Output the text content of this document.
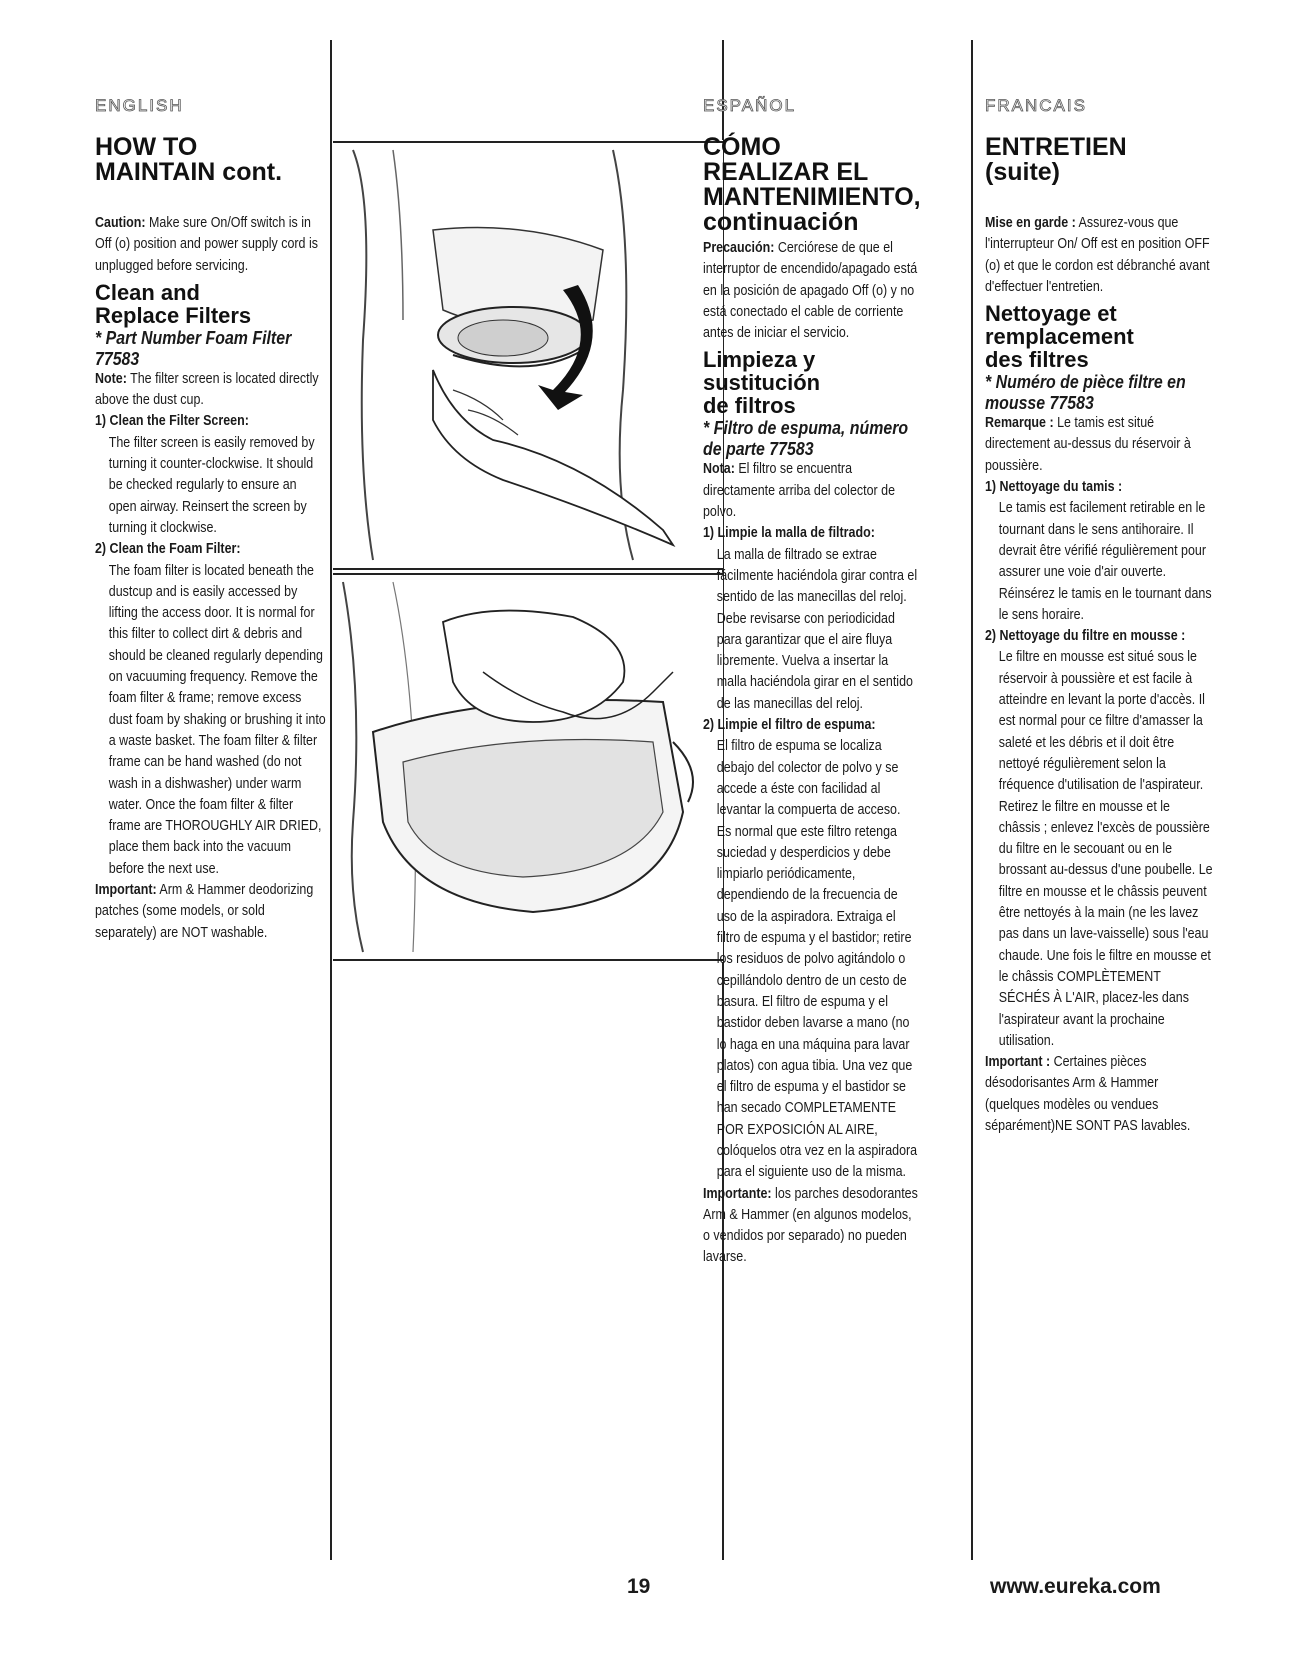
ENGLISH
HOW TO
MAINTAIN cont.
Caution: Make sure On/Off switch is in Off (o) position and power supply cord is unplugged before servicing.
Clean and
Replace Filters
* Part Number Foam Filter 77583
Note: The filter screen is located directly above the dust cup.
1) Clean the Filter Screen:
The filter screen is easily removed by turning it counter-clockwise. It should be checked regularly to ensure an open airway. Reinsert the screen by turning it clockwise.
2) Clean the Foam Filter:
The foam filter is located beneath the dustcup and is easily accessed by lifting the access door. It is normal for this filter to collect dirt & debris and should be cleaned regularly depending on vacuuming frequency. Remove the foam filter & frame; remove excess dust foam by shaking or brushing it into a waste basket. The foam filter & filter frame can be hand washed (do not wash in a dishwasher) under warm water. Once the foam filter & filter frame are THOROUGHLY AIR DRIED, place them back into the vacuum before the next use.
Important: Arm & Hammer deodorizing patches (some models, or sold separately) are NOT washable.
ESPAÑOL
CÓMO
REALIZAR EL
MANTENIMIENTO,
continuación
Precaución: Cerciórese de que el interruptor de encendido/apagado está en la posición de apagado Off (o) y no está conectado el cable de corriente antes de iniciar el servicio.
Limpieza y
sustitución
de filtros
* Filtro de espuma, número de parte 77583
Nota: El filtro se encuentra directamente arriba del colector de polvo.
1) Limpie la malla de filtrado:
La malla de filtrado se extrae fácilmente haciéndola girar contra el sentido de las manecillas del reloj. Debe revisarse con periodicidad para garantizar que el aire fluya libremente. Vuelva a insertar la malla haciéndola girar en el sentido de las manecillas del reloj.
2) Limpie el filtro de espuma:
El filtro de espuma se localiza debajo del colector de polvo y se accede a éste con facilidad al levantar la compuerta de acceso. Es normal que este filtro retenga suciedad y desperdicios y debe limpiarlo periódicamente, dependiendo de la frecuencia de uso de la aspiradora. Extraiga el filtro de espuma y el bastidor; retire los residuos de polvo agitándolo o cepillándolo dentro de un cesto de basura. El filtro de espuma y el bastidor deben lavarse a mano (no lo haga en una máquina para lavar platos) con agua tibia. Una vez que el filtro de espuma y el bastidor se han secado COMPLETAMENTE POR EXPOSICIÓN AL AIRE, colóquelos otra vez en la aspiradora para el siguiente uso de la misma.
Importante: los parches desodorantes Arm & Hammer (en algunos modelos, o vendidos por separado) no pueden lavarse.
FRANCAIS
ENTRETIEN
(suite)
Mise en garde : Assurez-vous que l'interrupteur On/ Off est en position OFF (o) et que le cordon est débranché avant d'effectuer l'entretien.
Nettoyage et
remplacement
des filtres
* Numéro de pièce filtre en mousse 77583
Remarque : Le tamis est situé directement au-dessus du réservoir à poussière.
1) Nettoyage du tamis :
Le tamis est facilement retirable en le tournant dans le sens antihoraire. Il devrait être vérifié régulièrement pour assurer une voie d'air ouverte. Réinsérez le tamis en le tournant dans le sens horaire.
2) Nettoyage du filtre en mousse :
Le filtre en mousse est situé sous le réservoir à poussière et est facile à atteindre en levant la porte d'accès. Il est normal pour ce filtre d'amasser la saleté et les débris et il doit être nettoyé régulièrement selon la fréquence d'utilisation de l'aspirateur. Retirez le filtre en mousse et le châssis ; enlevez l'excès de poussière du filtre en le secouant ou en le brossant au-dessus d'une poubelle. Le filtre en mousse et le châssis peuvent être nettoyés à la main (ne les lavez pas dans un lave-vaisselle) sous l'eau chaude. Une fois le filtre en mousse et le châssis COMPLÈTEMENT SÉCHÉS À L'AIR, placez-les dans l'aspirateur avant la prochaine utilisation.
Important : Certaines pièces désodorisantes Arm & Hammer (quelques modèles ou vendues séparément)NE SONT PAS lavables.
19	www.eureka.com
